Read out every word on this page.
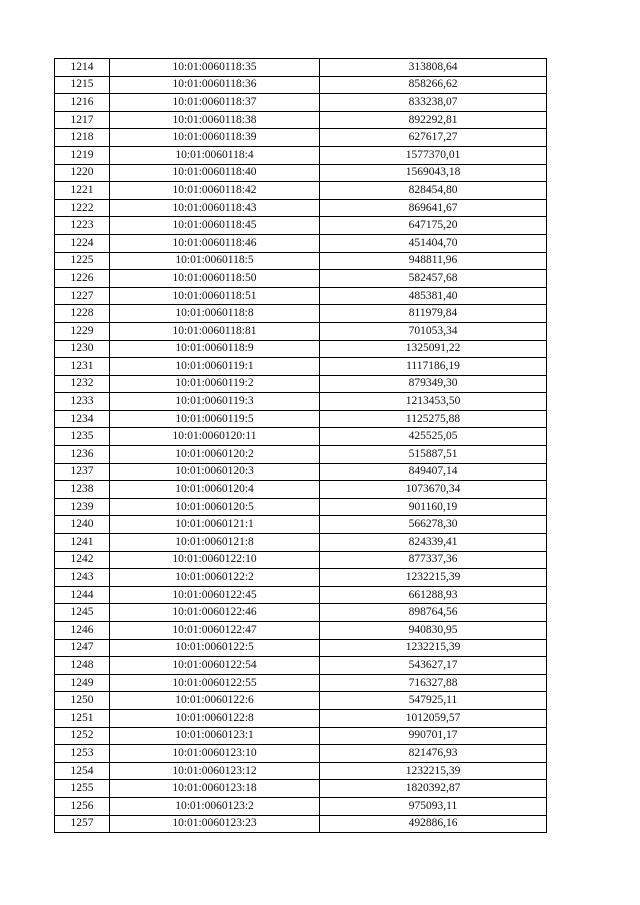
1214	10:01:0060118:35	313808,64
1215	10:01:0060118:36	858266,62
1216	10:01:0060118:37	833238,07
1217	10:01:0060118:38	892292,81
1218	10:01:0060118:39	627617,27
1219	10:01:0060118:4	1577370,01
1220	10:01:0060118:40	1569043,18
1221	10:01:0060118:42	828454,80
1222	10:01:0060118:43	869641,67
1223	10:01:0060118:45	647175,20
1224	10:01:0060118:46	451404,70
1225	10:01:0060118:5	948811,96
1226	10:01:0060118:50	582457,68
1227	10:01:0060118:51	485381,40
1228	10:01:0060118:8	811979,84
1229	10:01:0060118:81	701053,34
1230	10:01:0060118:9	1325091,22
1231	10:01:0060119:1	1117186,19
1232	10:01:0060119:2	879349,30
1233	10:01:0060119:3	1213453,50
1234	10:01:0060119:5	1125275,88
1235	10:01:0060120:11	425525,05
1236	10:01:0060120:2	515887,51
1237	10:01:0060120:3	849407,14
1238	10:01:0060120:4	1073670,34
1239	10:01:0060120:5	901160,19
1240	10:01:0060121:1	566278,30
1241	10:01:0060121:8	824339,41
1242	10:01:0060122:10	877337,36
1243	10:01:0060122:2	1232215,39
1244	10:01:0060122:45	661288,93
1245	10:01:0060122:46	898764,56
1246	10:01:0060122:47	940830,95
1247	10:01:0060122:5	1232215,39
1248	10:01:0060122:54	543627,17
1249	10:01:0060122:55	716327,88
1250	10:01:0060122:6	547925,11
1251	10:01:0060122:8	1012059,57
1252	10:01:0060123:1	990701,17
1253	10:01:0060123:10	821476,93
1254	10:01:0060123:12	1232215,39
1255	10:01:0060123:18	1820392,87
1256	10:01:0060123:2	975093,11
1257	10:01:0060123:23	492886,16
